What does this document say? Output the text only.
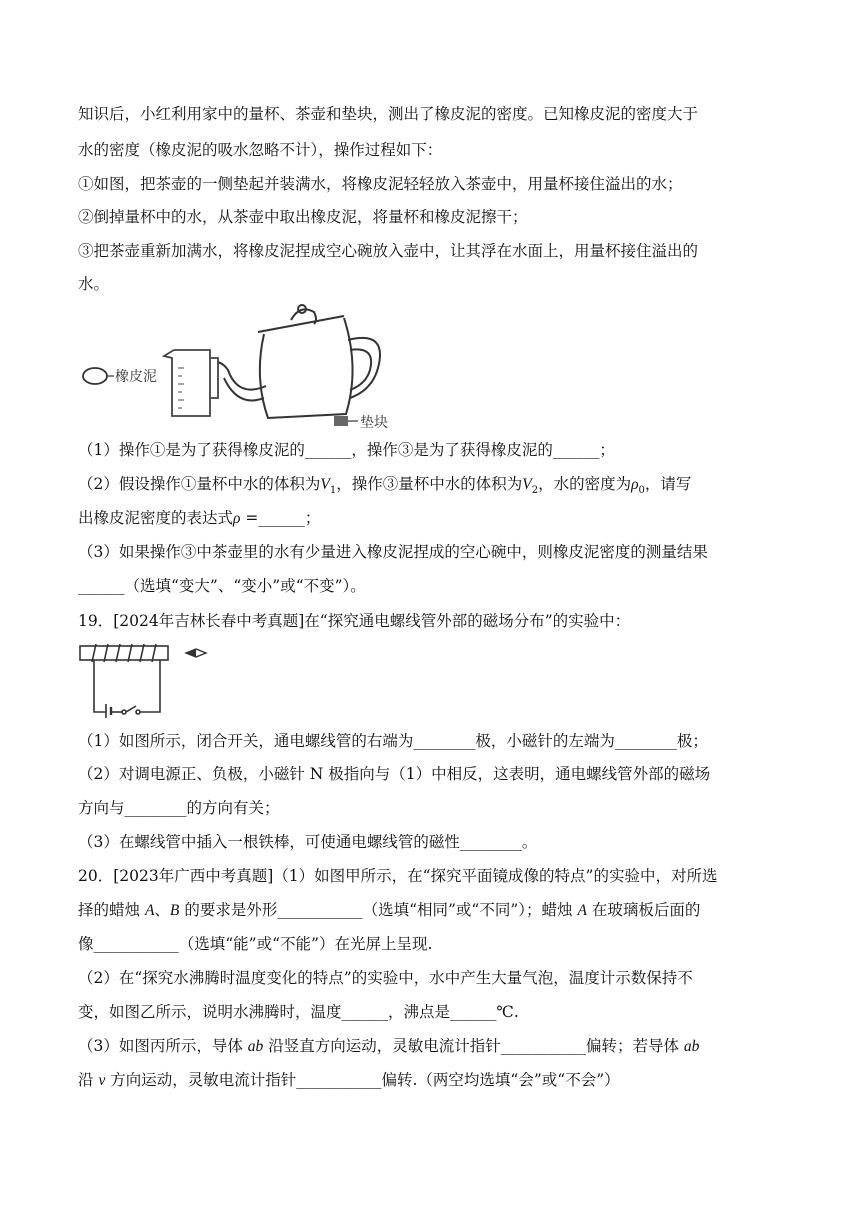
知识后，小红利用家中的量杯、茶壶和垫块，测出了橡皮泥的密度。已知橡皮泥的密度大于
水的密度（橡皮泥的吸水忽略不计），操作过程如下：
①如图，把茶壶的一侧垫起并装满水，将橡皮泥轻轻放入茶壶中，用量杯接住溢出的水；
②倒掉量杯中的水，从茶壶中取出橡皮泥，将量杯和橡皮泥擦干；
③把茶壶重新加满水，将橡皮泥捏成空心碗放入壶中，让其浮在水面上，用量杯接住溢出的
水。
橡皮泥
垫块
（1）操作①是为了获得橡皮泥的______，操作③是为了获得橡皮泥的______；
（2）假设操作①量杯中水的体积为$V_1$，操作③量杯中水的体积为$V_2$，水的密度为$\rho_0$，请写
出橡皮泥密度的表达式ρ =______；
（3）如果操作③中茶壶里的水有少量进入橡皮泥捏成的空心碗中，则橡皮泥密度的测量结果
______（选填“变大”、“变小”或“不变”）。
19．[2024年吉林长春中考真题]在“探究通电螺线管外部的磁场分布”的实验中：
（1）如图所示，闭合开关，通电螺线管的右端为________极，小磁针的左端为________极；
（2）对调电源正、负极，小磁针 N 极指向与（1）中相反，这表明，通电螺线管外部的磁场
方向与________的方向有关；
（3）在螺线管中插入一根铁棒，可使通电螺线管的磁性________。
20．[2023年广西中考真题]（1）如图甲所示，在“探究平面镜成像的特点”的实验中，对所选
择的蜡烛 A、B 的要求是外形___________（选填“相同”或“不同”）；蜡烛 A 在玻璃板后面的
像___________（选填“能”或“不能”）在光屏上呈现.
（2）在“探究水沸腾时温度变化的特点”的实验中，水中产生大量气泡，温度计示数保持不
变，如图乙所示，说明水沸腾时，温度______，沸点是______℃.
（3）如图丙所示，导体 ab 沿竖直方向运动，灵敏电流计指针___________偏转；若导体 ab
沿 v 方向运动，灵敏电流计指针___________偏转.（两空均选填“会”或“不会”）
